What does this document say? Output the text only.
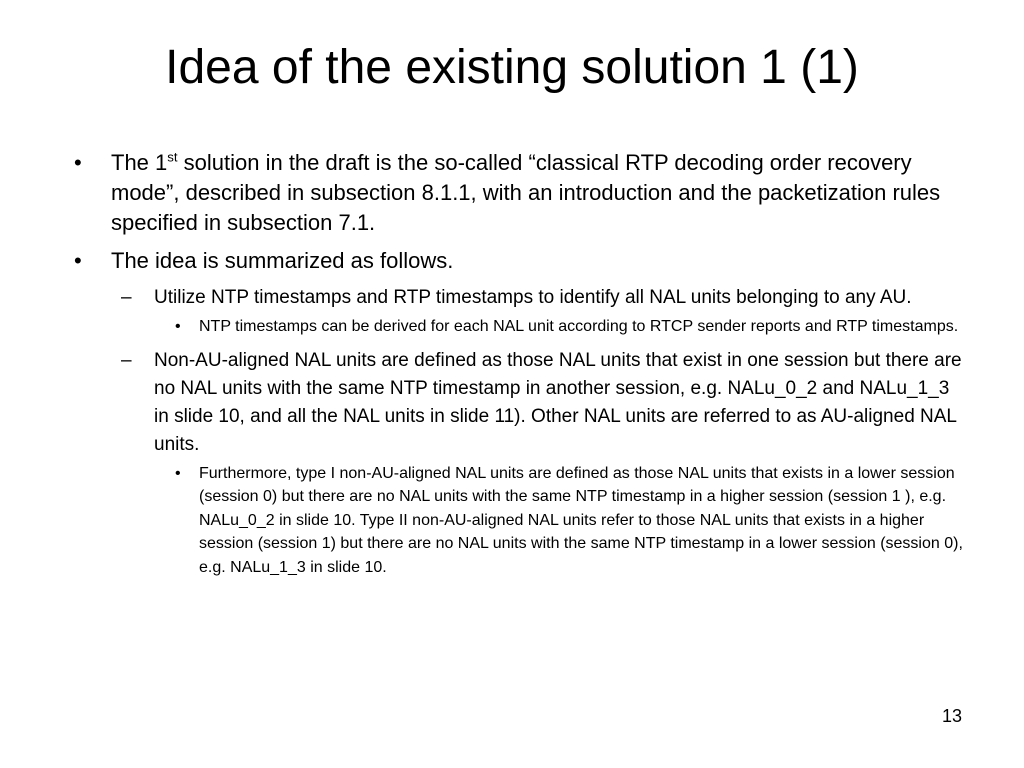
Idea of the existing solution 1 (1)
• The 1st solution in the draft is the so-called “classical RTP decoding order recovery mode”, described in subsection 8.1.1, with an introduction and the packetization rules specified in subsection 7.1.
• The idea is summarized as follows.
– Utilize NTP timestamps and RTP timestamps to identify all NAL units belonging to any AU.
• NTP timestamps can be derived for each NAL unit according to RTCP sender reports and RTP timestamps.
– Non-AU-aligned NAL units are defined as those NAL units that exist in one session but there are no NAL units with the same NTP timestamp in another session, e.g. NALu_0_2 and NALu_1_3 in slide 10, and all the NAL units in slide 11). Other NAL units are referred to as AU-aligned NAL units.
• Furthermore, type I non-AU-aligned NAL units are defined as those NAL units that exists in a lower session (session 0) but there are no NAL units with the same NTP timestamp in a higher session (session 1 ), e.g. NALu_0_2 in slide 10. Type II non-AU-aligned NAL units refer to those NAL units that exists in a higher session (session 1) but there are no NAL units with the same NTP timestamp in a lower session (session 0), e.g. NALu_1_3 in slide 10.
13
